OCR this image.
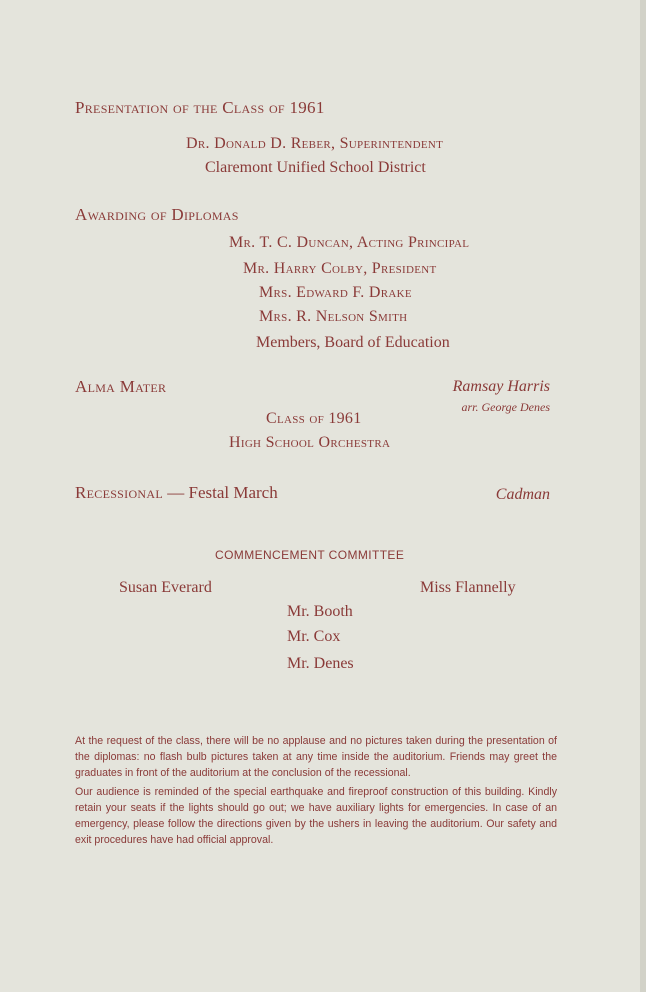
Presentation of the Class of 1961
Dr. Donald D. Reber, Superintendent
Claremont Unified School District
Awarding of Diplomas
Mr. T. C. Duncan, Acting Principal
Mr. Harry Colby, President
Mrs. Edward F. Drake
Mrs. R. Nelson Smith
Members, Board of Education
Alma Mater	Ramsay Harris
arr. George Denes
Class of 1961
High School Orchestra
Recessional — Festal March	Cadman
COMMENCEMENT COMMITTEE
Susan Everard	Miss Flannelly
Mr. Booth
Mr. Cox
Mr. Denes
At the request of the class, there will be no applause and no pictures taken during the presentation of the diplomas: no flash bulb pictures taken at any time inside the auditorium. Friends may greet the graduates in front of the auditorium at the conclusion of the recessional.
Our audience is reminded of the special earthquake and fireproof construction of this building. Kindly retain your seats if the lights should go out; we have auxiliary lights for emergencies. In case of an emergency, please follow the directions given by the ushers in leaving the auditorium. Our safety and exit procedures have had official approval.
